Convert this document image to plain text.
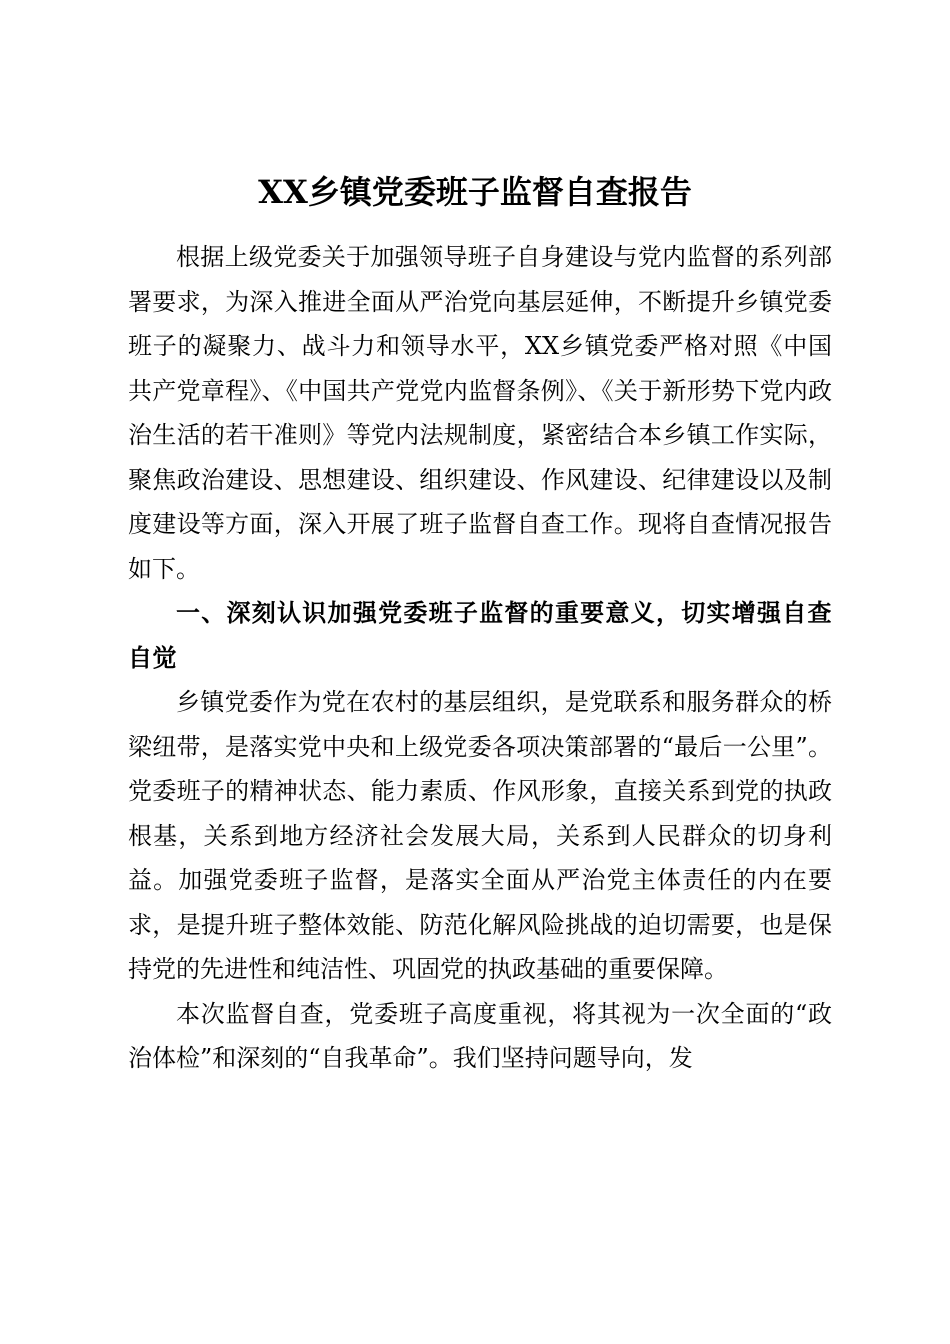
XX乡镇党委班子监督自查报告

根据上级党委关于加强领导班子自身建设与党内监督的系列部署要求，为深入推进全面从严治党向基层延伸，不断提升乡镇党委班子的凝聚力、战斗力和领导水平，XX乡镇党委严格对照《中国共产党章程》、《中国共产党党内监督条例》、《关于新形势下党内政治生活的若干准则》等党内法规制度，紧密结合本乡镇工作实际，聚焦政治建设、思想建设、组织建设、作风建设、纪律建设以及制度建设等方面，深入开展了班子监督自查工作。现将自查情况报告如下。

一、深刻认识加强党委班子监督的重要意义，切实增强自查自觉

乡镇党委作为党在农村的基层组织，是党联系和服务群众的桥梁纽带，是落实党中央和上级党委各项决策部署的“最后一公里”。党委班子的精神状态、能力素质、作风形象，直接关系到党的执政根基，关系到地方经济社会发展大局，关系到人民群众的切身利益。加强党委班子监督，是落实全面从严治党主体责任的内在要求，是提升班子整体效能、防范化解风险挑战的迫切需要，也是保持党的先进性和纯洁性、巩固党的执政基础的重要保障。

本次监督自查，党委班子高度重视，将其视为一次全面的“政治体检”和深刻的“自我革命”。我们坚持问题导向，发
